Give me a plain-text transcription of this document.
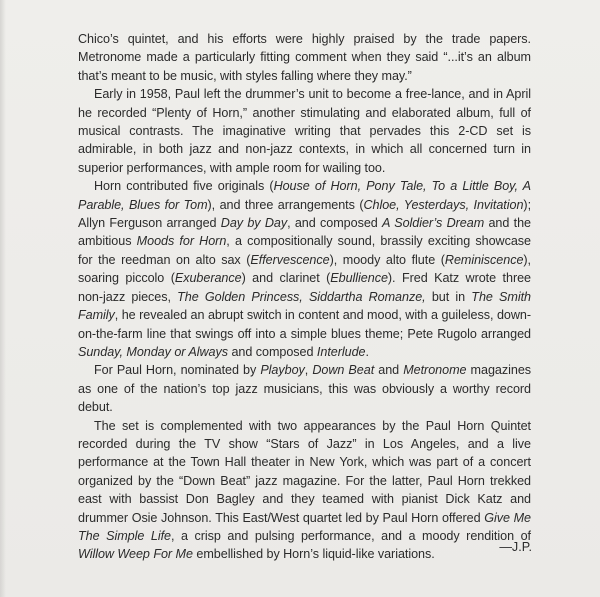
Chico’s quintet, and his efforts were highly praised by the trade papers. Metronome made a particularly fitting comment when they said “...it’s an album that’s meant to be music, with styles falling where they may.”

Early in 1958, Paul left the drummer’s unit to become a free-lance, and in April he recorded “Plenty of Horn,” another stimulating and elaborated album, full of musical contrasts. The imaginative writing that pervades this 2-CD set is admirable, in both jazz and non-jazz contexts, in which all concerned turn in superior performances, with ample room for wailing too.

Horn contributed five originals (House of Horn, Pony Tale, To a Little Boy, A Parable, Blues for Tom), and three arrangements (Chloe, Yesterdays, Invitation); Allyn Ferguson arranged Day by Day, and composed A Soldier’s Dream and the ambitious Moods for Horn, a compositionally sound, brassily exciting showcase for the reedman on alto sax (Effervescence), moody alto flute (Reminiscence), soaring piccolo (Exuberance) and clarinet (Ebullience). Fred Katz wrote three non-jazz pieces, The Golden Princess, Siddartha Romanze, but in The Smith Family, he revealed an abrupt switch in content and mood, with a guileless, down-on-the-farm line that swings off into a simple blues theme; Pete Rugolo arranged Sunday, Monday or Always and composed Interlude.

For Paul Horn, nominated by Playboy, Down Beat and Metronome magazines as one of the nation’s top jazz musicians, this was obviously a worthy record debut.

The set is complemented with two appearances by the Paul Horn Quintet recorded during the TV show “Stars of Jazz” in Los Angeles, and a live performance at the Town Hall theater in New York, which was part of a concert organized by the “Down Beat” jazz magazine. For the latter, Paul Horn trekked east with bassist Don Bagley and they teamed with pianist Dick Katz and drummer Osie Johnson. This East/West quartet led by Paul Horn offered Give Me The Simple Life, a crisp and pulsing performance, and a moody rendition of Willow Weep For Me embellished by Horn’s liquid-like variations.

—J.P.
